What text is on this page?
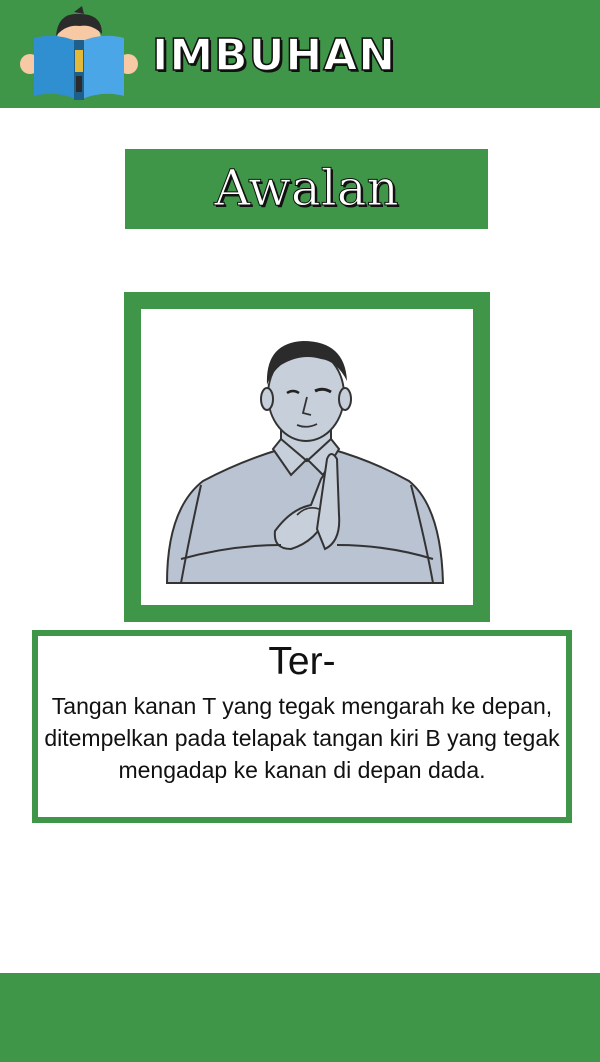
IMBUHAN
Awalan
Ter-
Tangan kanan T yang tegak mengarah ke depan, ditempelkan pada telapak tangan kiri B yang tegak mengadap ke kanan di depan dada.
